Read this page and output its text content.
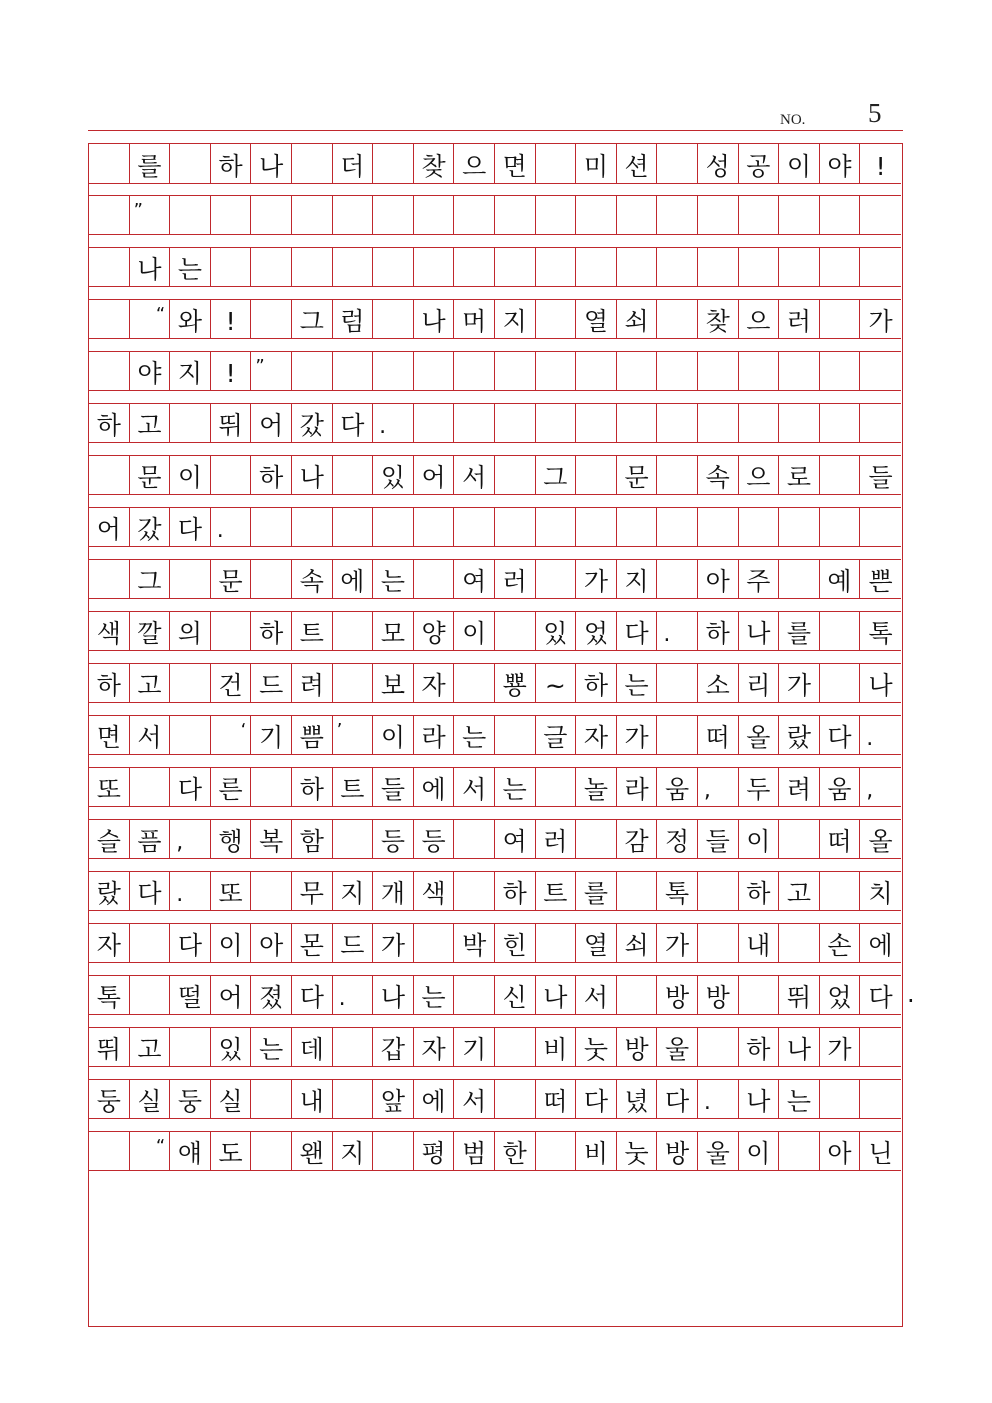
NO. 5
를	하 나	더	찾 으 면	미 션	성 공 이 야 !
”
나 는
“ 와 !	그 럼	나 머 지	열 쇠	찾 으 러	가
야 지 !	”
하 고	뛰 어 갔 다 .
문 이	하 나	있 어 서	그	문	속 으 로	들
어 갔 다 .
그	문	속 에 는	여 러	가 지	아 주	예 쁜
색 깔 의	하 트	모 양 이	있 었 다 .	하 나 를	톡
하 고	건 드 려	보 자	뿅 ~ 하 는	소 리 가	나
면 서	‘ 기 쁨 ’	이 라 는	글 자 가	떠 올 랐 다 .
또	다 른	하 트 들 에 서 는	놀 라 움 ,	두 려 움 ,
슬 픔 ,	행 복 함	등 등	여 러	감 정 들 이	떠 올
랐 다 .	또	무 지 개 색	하 트 를	톡	하 고	치
자	다 이 아 몬 드 가	박 힌	열 쇠 가	내	손 에
톡	떨 어 졌 다 .	나 는	신 나 서	방 방	뛰 었 다
뛰 고	있 는 데	갑 자 기	비 눗 방 울	하 나 가
둥 실 둥 실	내	앞 에 서	떠 다 녔 다 .	나 는
“ 얘 도	왠 지	평 범 한	비 눗 방 울 이	아 닌
.
